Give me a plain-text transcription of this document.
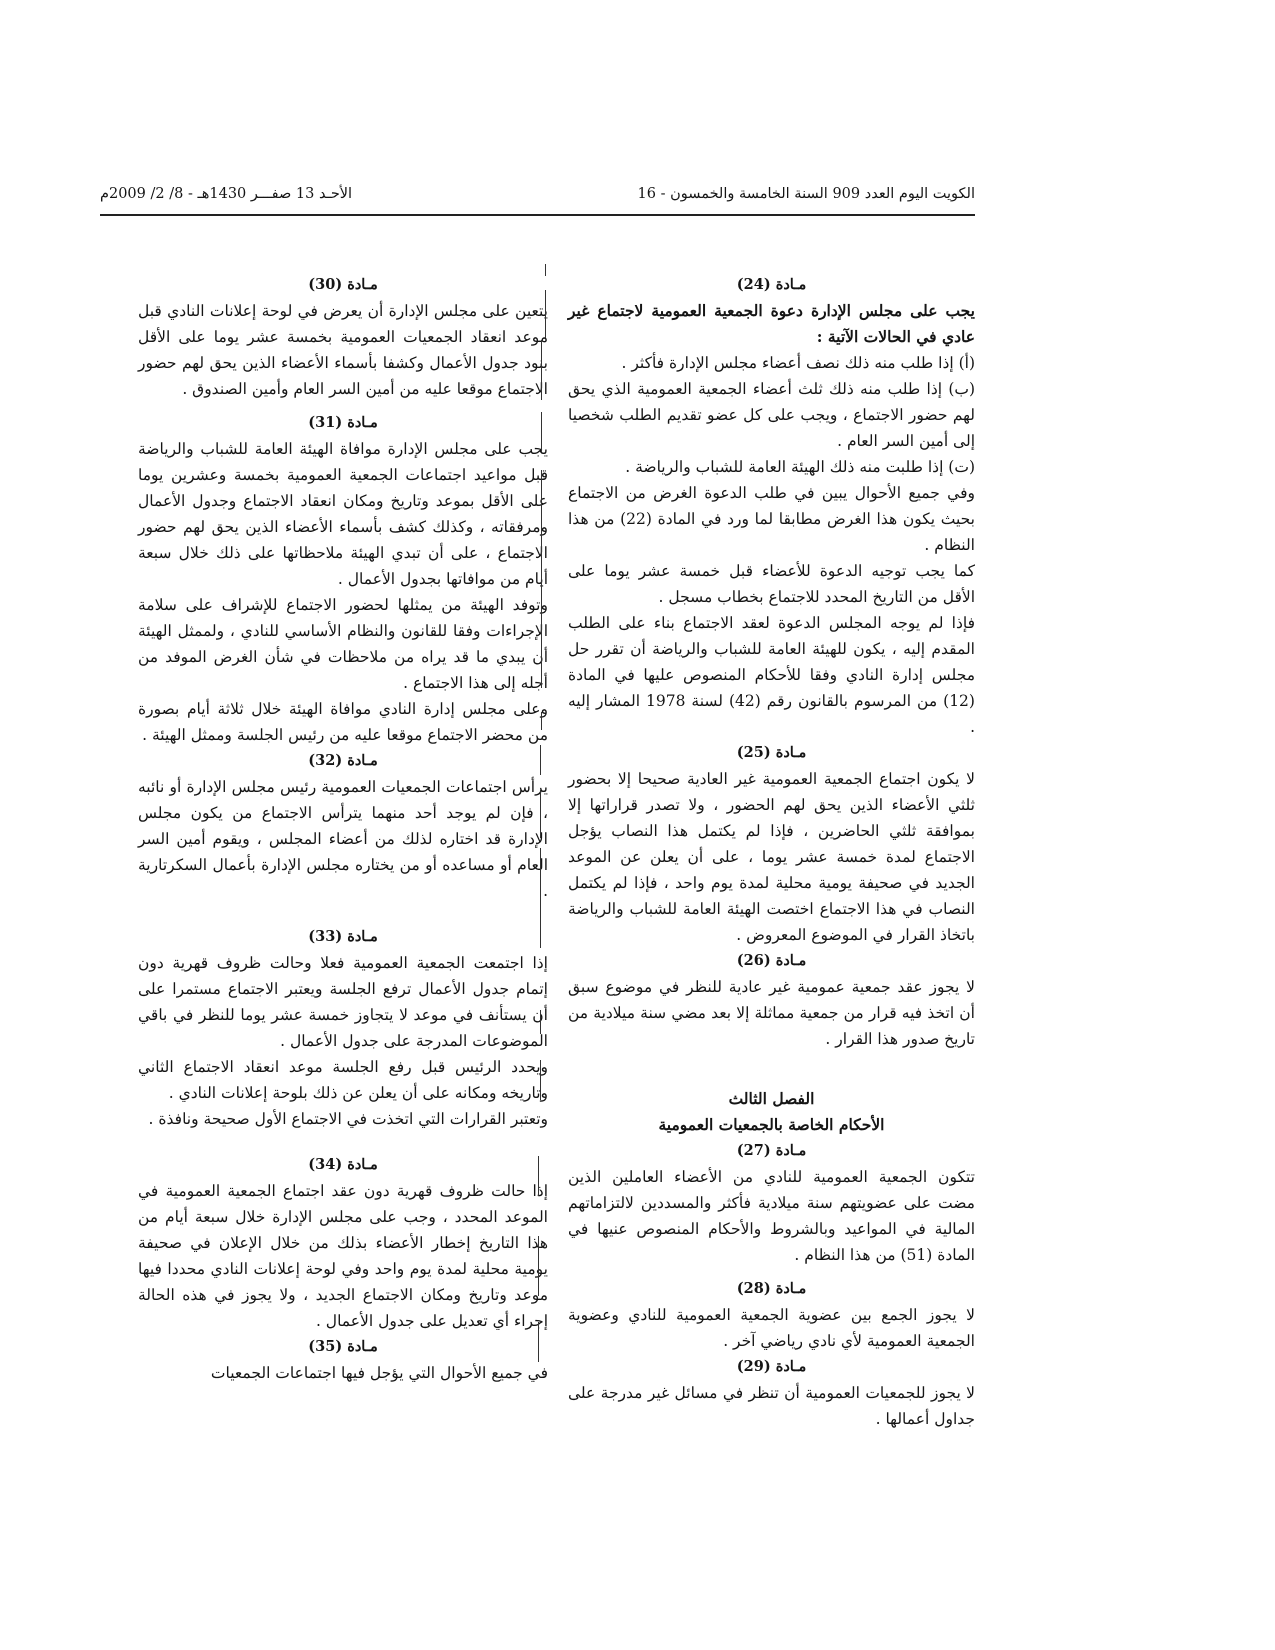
الكويت اليوم العدد 909 السنة الخامسة والخمسون - 16
الأحـد 13 صفـــر 1430هـ - 8/ 2/ 2009م

مـادة (24)

يجب على مجلس الإدارة دعوة الجمعية العمومية لاجتماع غير عادي في الحالات الآتية :

(أ) إذا طلب منه ذلك نصف أعضاء مجلس الإدارة فأكثر .

(ب) إذا طلب منه ذلك ثلث أعضاء الجمعية العمومية الذي يحق لهم حضور الاجتماع ، ويجب على كل عضو تقديم الطلب شخصيا إلى أمين السر العام .

(ت) إذا طلبت منه ذلك الهيئة العامة للشباب والرياضة .

وفي جميع الأحوال يبين في طلب الدعوة الغرض من الاجتماع بحيث يكون هذا الغرض مطابقا لما ورد في المادة (22) من هذا النظام .

كما يجب توجيه الدعوة للأعضاء قبل خمسة عشر يوما على الأقل من التاريخ المحدد للاجتماع بخطاب مسجل .

فإذا لم يوجه المجلس الدعوة لعقد الاجتماع بناء على الطلب المقدم إليه ، يكون للهيئة العامة للشباب والرياضة أن تقرر حل مجلس إدارة النادي وفقا للأحكام المنصوص عليها في المادة (12) من المرسوم بالقانون رقم (42) لسنة 1978 المشار إليه .

مـادة (25)

لا يكون اجتماع الجمعية العمومية غير العادية صحيحا إلا بحضور ثلثي الأعضاء الذين يحق لهم الحضور ، ولا تصدر قراراتها إلا بموافقة ثلثي الحاضرين ، فإذا لم يكتمل هذا النصاب يؤجل الاجتماع لمدة خمسة عشر يوما ، على أن يعلن عن الموعد الجديد في صحيفة يومية محلية لمدة يوم واحد ، فإذا لم يكتمل النصاب في هذا الاجتماع اختصت الهيئة العامة للشباب والرياضة باتخاذ القرار في الموضوع المعروض .

مـادة (26)

لا يجوز عقد جمعية عمومية غير عادية للنظر في موضوع سبق أن اتخذ فيه قرار من جمعية مماثلة إلا بعد مضي سنة ميلادية من تاريخ صدور هذا القرار .

الفصل الثالث

الأحكام الخاصة بالجمعيات العمومية

مـادة (27)

تتكون الجمعية العمومية للنادي من الأعضاء العاملين الذين مضت على عضويتهم سنة ميلادية فأكثر والمسددين لالتزاماتهم المالية في المواعيد وبالشروط والأحكام المنصوص عنيها في المادة (51) من هذا النظام .

مـادة (28)

لا يجوز الجمع بين عضوية الجمعية العمومية للنادي وعضوية الجمعية العمومية لأي نادي رياضي آخر .

مـادة (29)

لا يجوز للجمعيات العمومية أن تنظر في مسائل غير مدرجة على جداول أعمالها .

مـادة (30)

يتعين على مجلس الإدارة أن يعرض في لوحة إعلانات النادي قبل موعد انعقاد الجمعيات العمومية بخمسة عشر يوما على الأقل بنود جدول الأعمال وكشفا بأسماء الأعضاء الذين يحق لهم حضور الاجتماع موقعا عليه من أمين السر العام وأمين الصندوق .

مـادة (31)

يجب على مجلس الإدارة موافاة الهيئة العامة للشباب والرياضة قبل مواعيد اجتماعات الجمعية العمومية بخمسة وعشرين يوما على الأقل بموعد وتاريخ ومكان انعقاد الاجتماع وجدول الأعمال ومرفقاته ، وكذلك كشف بأسماء الأعضاء الذين يحق لهم حضور الاجتماع ، على أن تبدي الهيئة ملاحظاتها على ذلك خلال سبعة أيام من موافاتها بجدول الأعمال .

وتوفد الهيئة من يمثلها لحضور الاجتماع للإشراف على سلامة الإجراءات وفقا للقانون والنظام الأساسي للنادي ، ولممثل الهيئة أن يبدي ما قد يراه من ملاحظات في شأن الغرض الموفد من أجله إلى هذا الاجتماع .

وعلى مجلس إدارة النادي موافاة الهيئة خلال ثلاثة أيام بصورة من محضر الاجتماع موقعا عليه من رئيس الجلسة وممثل الهيئة .

مـادة (32)

يرأس اجتماعات الجمعيات العمومية رئيس مجلس الإدارة أو نائبه ، فإن لم يوجد أحد منهما يترأس الاجتماع من يكون مجلس الإدارة قد اختاره لذلك من أعضاء المجلس ، ويقوم أمين السر العام أو مساعده أو من يختاره مجلس الإدارة بأعمال السكرتارية .

مـادة (33)

إذا اجتمعت الجمعية العمومية فعلا وحالت ظروف قهرية دون إتمام جدول الأعمال ترفع الجلسة ويعتبر الاجتماع مستمرا على أن يستأنف في موعد لا يتجاوز خمسة عشر يوما للنظر في باقي الموضوعات المدرجة على جدول الأعمال .

ويحدد الرئيس قبل رفع الجلسة موعد انعقاد الاجتماع الثاني وتاريخه ومكانه على أن يعلن عن ذلك بلوحة إعلانات النادي .

وتعتبر القرارات التي اتخذت في الاجتماع الأول صحيحة ونافذة .

مـادة (34)

إذا حالت ظروف قهرية دون عقد اجتماع الجمعية العمومية في الموعد المحدد ، وجب على مجلس الإدارة خلال سبعة أيام من هذا التاريخ إخطار الأعضاء بذلك من خلال الإعلان في صحيفة يومية محلية لمدة يوم واحد وفي لوحة إعلانات النادي محددا فيها موعد وتاريخ ومكان الاجتماع الجديد ، ولا يجوز في هذه الحالة إجراء أي تعديل على جدول الأعمال .

مـادة (35)

في جميع الأحوال التي يؤجل فيها اجتماعات الجمعيات
